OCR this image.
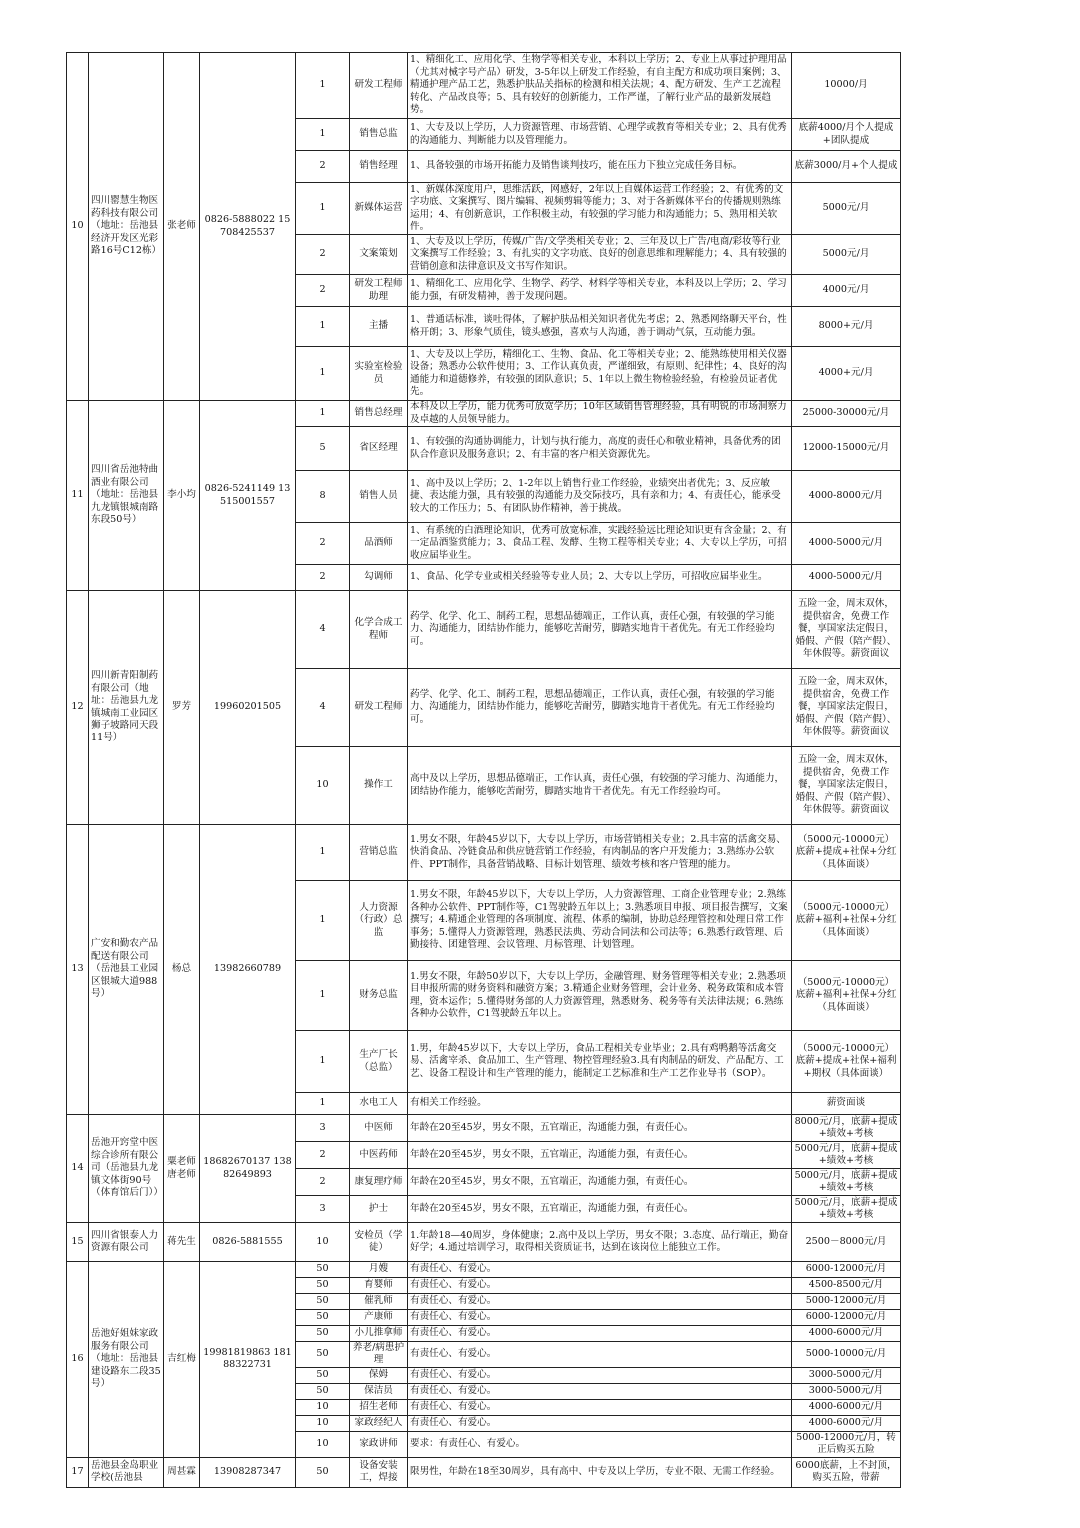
10	四川罂慧生物医药科技有限公司（地址：岳池县经济开发区光彩路16号C12栋）	张老师	0826-5888022 15708425537	1	研发工程师	1、精细化工、应用化学、生物学等相关专业，本科以上学历；2、专业上从事过护理用品（尤其对械字号产品）研发，3-5年以上研发工作经验，有自主配方和成功项目案例；3、精通护理产品工艺，熟悉护肤品关指标的检测和相关法规；4、配方研发、生产工艺流程转化、产品改良等；5、具有较好的创新能力，工作严谨，了解行业产品的最新发展趋势。	10000/月
				1	销售总监	1、大专及以上学历，人力资源管理、市场营销、心理学或教育等相关专业；2、具有优秀的沟通能力、判断能力以及管理能力。	底薪4000/月个人提成+团队提成
				2	销售经理	1、具备较强的市场开拓能力及销售谈判技巧，能在压力下独立完成任务目标。	底薪3000/月+个人提成
				1	新媒体运营	1、新媒体深度用户，思维活跃，网感好，2年以上自媒体运营工作经验；2、有优秀的文字功底、文案撰写、图片编辑、视频剪辑等能力；3、对于各新媒体平台的传播规则熟练运用；4、有创新意识，工作积极主动，有较强的学习能力和沟通能力；5、熟用相关软件。	5000元/月
				2	文案策划	1、大专及以上学历，传媒/广告/文学类相关专业；2、三年及以上广告/电商/彩妆等行业文案撰写工作经验；3、有扎实的文字功底、良好的创意思维和理解能力；4、具有较强的营销创意和法律意识及文书写作知识。	5000元/月
				2	研发工程师助理	1、精细化工、应用化学、生物学、药学、材料学等相关专业，本科及以上学历；2、学习能力强，有研发精神，善于发现问题。	4000元/月
				1	主播	1、普通话标准，谈吐得体，了解护肤品相关知识者优先考虑；2、熟悉网络聊天平台，性格开朗；3、形象气质佳，镜头感强，喜欢与人沟通，善于调动气氛，互动能力强。	8000+元/月
				1	实验室检验员	1、大专及以上学历，精细化工、生物、食品、化工等相关专业；2、能熟练使用相关仪器设备；熟悉办公软件使用；3、工作认真负责，严谨细致，有原则、纪律性；4、良好的沟通能力和道德修养，有较强的团队意识；5、1年以上微生物检验经验，有检验员证者优先。	4000+元/月
11	四川省岳池特曲酒业有限公司（地址：岳池县九龙镇银城南路东段50号）	李小均	0826-5241149 13515001557	1	销售总经理	本科及以上学历，能力优秀可放宽学历；10年区域销售管理经验，具有明锐的市场洞察力及卓越的人员领导能力。	25000-30000元/月
				5	省区经理	1、有较强的沟通协调能力，计划与执行能力，高度的责任心和敬业精神，具备优秀的团队合作意识及服务意识；2、有丰富的客户相关资源优先。	12000-15000元/月
				8	销售人员	1、高中及以上学历；2、1-2年以上销售行业工作经验，业绩突出者优先；3、反应敏捷、表达能力强，具有较强的沟通能力及交际技巧，具有亲和力；4、有责任心，能承受较大的工作压力；5、有团队协作精神，善于挑战。	4000-8000元/月
				2	品酒师	1、有系统的白酒理论知识，优秀可放宽标准，实践经验远比理论知识更有含金量；2、有一定品酒鉴赏能力；3、食品工程、发酵、生物工程等相关专业；4、大专以上学历，可招收应届毕业生。	4000-5000元/月
				2	勾调师	1、食品、化学专业或相关经验等专业人员；2、大专以上学历，可招收应届毕业生。	4000-5000元/月
12	四川新青阳制药有限公司（地址：岳池县九龙镇城南工业园区狮子坡路同天段11号）	罗芳	19960201505	4	化学合成工程师	药学、化学、化工、制药工程，思想品德端正，工作认真，责任心强，有较强的学习能力、沟通能力，团结协作能力，能够吃苦耐劳，脚踏实地肯干者优先。有无工作经验均可。	五险一金，周末双休，提供宿舍，免费工作餐，享国家法定假日，婚假、产假（陪产假）、年休假等。薪资面议
				4	研发工程师	药学、化学、化工、制药工程，思想品德端正，工作认真，责任心强，有较强的学习能力、沟通能力，团结协作能力，能够吃苦耐劳，脚踏实地肯干者优先。有无工作经验均可。	五险一金，周末双休，提供宿舍，免费工作餐，享国家法定假日，婚假、产假（陪产假）、年休假等。薪资面议
				10	操作工	高中及以上学历，思想品德端正，工作认真，责任心强，有较强的学习能力、沟通能力，团结协作能力，能够吃苦耐劳，脚踏实地肯干者优先。有无工作经验均可。	五险一金，周末双休，提供宿舍，免费工作餐，享国家法定假日，婚假、产假（陪产假）、年休假等。薪资面议
13	广安和勤农产品配送有限公司（岳池县工业园区银城大道988号）	杨总	13982660789	1	营销总监	1.男女不限，年龄45岁以下，大专以上学历，市场营销相关专业；2.具丰富的活禽交易、快消食品、冷链食品和供应链营销工作经验，有肉制品的客户开发能力；3.熟练办公软件、PPT制作，具备营销战略、目标计划管理、绩效考核和客户管理的能力。	（5000元-10000元）底薪+提成+社保+分红（具体面谈）
				1	人力资源（行政）总监	1.男女不限，年龄45岁以下，大专以上学历，人力资源管理、工商企业管理专业；2.熟练各种办公软件、PPT制作等，C1驾驶龄五年以上；3.熟悉项目申报、项目报告撰写，文案撰写；4.精通企业管理的各项制度、流程、体系的编制，协助总经理管控和处理日常工作事务；5.懂得人力资源管理，熟悉民法典、劳动合同法和公司法等；6.熟悉行政管理、后勤接待、团建管理、会议管理、月标管理、计划管理。	（5000元-10000元）底薪+福利+社保+分红（具体面谈）
				1	财务总监	1.男女不限，年龄50岁以下，大专以上学历，金融管理、财务管理等相关专业；2.熟悉项目申报所需的财务资料和融资方案；3.精通企业财务管理，会计业务、税务政策和成本管理，资本运作；5.懂得财务部的人力资源管理，熟悉财务、税务等有关法律法规；6.熟练各种办公软件，C1驾驶龄五年以上。	（5000元-10000元）底薪+福利+社保+分红（具体面谈）
				1	生产厂长（总监）	1.男，年龄45岁以下，大专以上学历，食品工程相关专业毕业；2.具有鸡鸭鹅等活禽交易、活禽宰杀、食品加工、生产管理、物控管理经验3.具有肉制品的研发、产品配方、工艺、设备工程设计和生产管理的能力，能制定工艺标准和生产工艺作业导书（SOP）。	（5000元-10000元）底薪+提成+社保+福利+期权（具体面谈）
				1	水电工人	有相关工作经验。	薪资面谈
14	岳池开窍堂中医综合诊所有限公司（岳池县九龙镇文体街90号（体育馆后门））	粟老师 唐老师	18682670137 13882649893	3	中医师	年龄在20至45岁，男女不限，五官端正，沟通能力强，有责任心。	8000元/月，底薪+提成+绩效+考核
				2	中医药师	年龄在20至45岁，男女不限，五官端正，沟通能力强，有责任心。	5000元/月，底薪+提成+绩效+考核
				2	康复理疗师	年龄在20至45岁，男女不限，五官端正，沟通能力强，有责任心。	5000元/月，底薪+提成+绩效+考核
				3	护士	年龄在20至45岁，男女不限，五官端正，沟通能力强，有责任心。	5000元/月，底薪+提成+绩效+考核
15	四川省银泰人力资源有限公司	蒋先生	0826-5881555	10	安检员（学徒）	1.年龄18—40周岁，身体健康；2.高中及以上学历，男女不限；3.态度、品行端正，勤奋好学；4.通过培训学习，取得相关资质证书，达到在该岗位上能独立工作。	2500－8000元/月
16	岳池好姐妹家政服务有限公司（地址：岳池县建设路东二段35号）	吉红梅	19981819863 18188322731	50	月嫂	有责任心、有爱心。	6000-12000元/月
				50	育婴师	有责任心、有爱心。	4500-8500元/月
				50	催乳师	有责任心、有爱心。	5000-12000元/月
				50	产康师	有责任心、有爱心。	6000-12000元/月
				50	小儿推拿师	有责任心、有爱心。	4000-6000元/月
				50	养老/病患护理	有责任心、有爱心。	5000-10000元/月
				50	保姆	有责任心、有爱心。	3000-5000元/月
				50	保洁员	有责任心、有爱心。	3000-5000元/月
				10	招生老师	有责任心、有爱心。	4000-6000元/月
				10	家政经纪人	有责任心、有爱心。	4000-6000元/月
				10	家政讲师	要求：有责任心、有爱心。	5000-12000元/月，转正后购买五险
17	岳池县金岛职业学校(岳池县	周甚霖	13908287347	50	设备安装工，焊接	限男性，年龄在18至30周岁，具有高中、中专及以上学历，专业不限、无需工作经验。	6000底薪，上不封顶，购买五险，带薪
